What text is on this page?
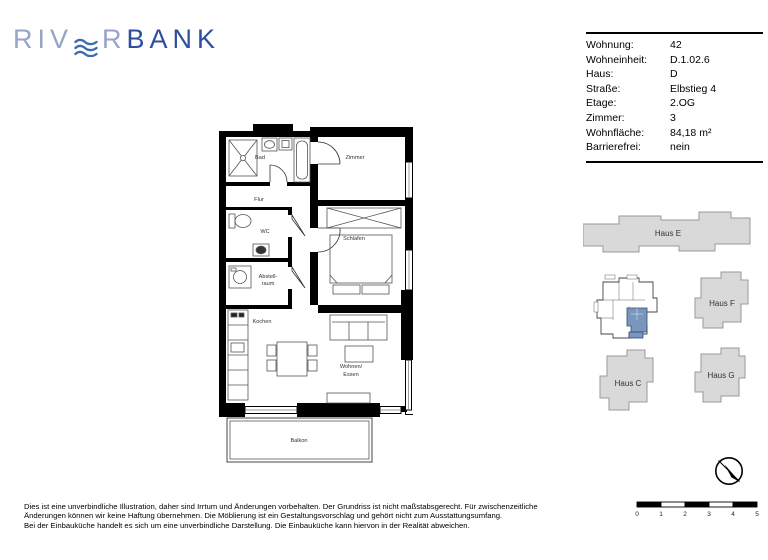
RIV R BANK	Wohnung:	42
Wohneinheit:	D.1.02.6
Haus:	D
Straße:	Elbstieg 4
Etage:	2.OG
Zimmer:	3
Wohnfläche:	84,18 m²
Barrierefrei:	nein
Bad	Zimmer
Flur
WC
Abstell-
raum
Kochen
Schlafen
Wohnen/
Essen
Balkon
Haus E
Haus F
Haus C
Haus G
0	1	2	3	4	5
Dies ist eine unverbindliche Illustration, daher sind Irrtum und Änderungen vorbehalten. Der Grundriss ist nicht maßstabsgerecht. Für zwischenzeitliche
Änderungen können wir keine Haftung übernehmen. Die Möblierung ist ein Gestaltungsvorschlag und gehört nicht zum Ausstattungsumfang.
Bei der Einbauküche handelt es sich um eine unverbindliche Darstellung. Die Einbauküche kann hiervon in der Realität abweichen.
